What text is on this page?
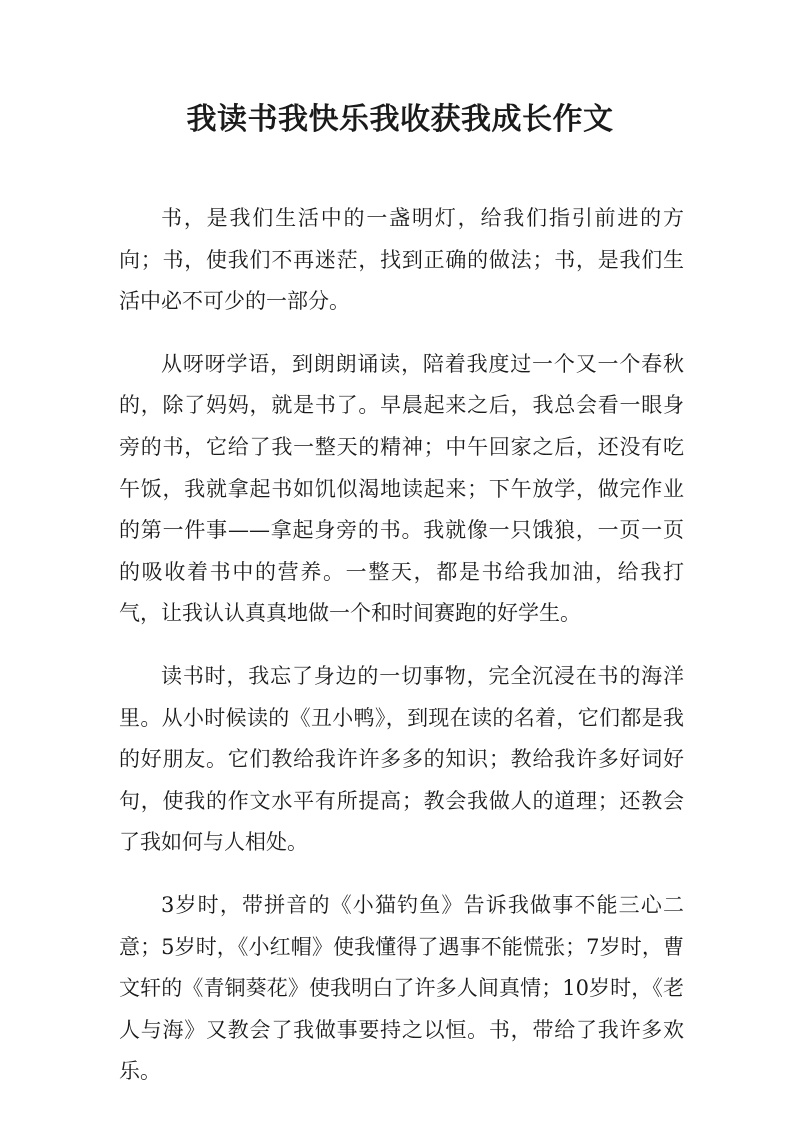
我读书我快乐我收获我成长作文

书，是我们生活中的一盏明灯，给我们指引前进的方向；书，使我们不再迷茫，找到正确的做法；书，是我们生活中必不可少的一部分。

从呀呀学语，到朗朗诵读，陪着我度过一个又一个春秋的，除了妈妈，就是书了。早晨起来之后，我总会看一眼身旁的书，它给了我一整天的精神；中午回家之后，还没有吃午饭，我就拿起书如饥似渴地读起来；下午放学，做完作业的第一件事——拿起身旁的书。我就像一只饿狼，一页一页的吸收着书中的营养。一整天，都是书给我加油，给我打气，让我认认真真地做一个和时间赛跑的好学生。

读书时，我忘了身边的一切事物，完全沉浸在书的海洋里。从小时候读的《丑小鸭》，到现在读的名着，它们都是我的好朋友。它们教给我许许多多的知识；教给我许多好词好句，使我的作文水平有所提高；教会我做人的道理；还教会了我如何与人相处。

3岁时，带拼音的《小猫钓鱼》告诉我做事不能三心二意；5岁时，《小红帽》使我懂得了遇事不能慌张；7岁时，曹文轩的《青铜葵花》使我明白了许多人间真情；10岁时，《老人与海》又教会了我做事要持之以恒。书，带给了我许多欢乐。
